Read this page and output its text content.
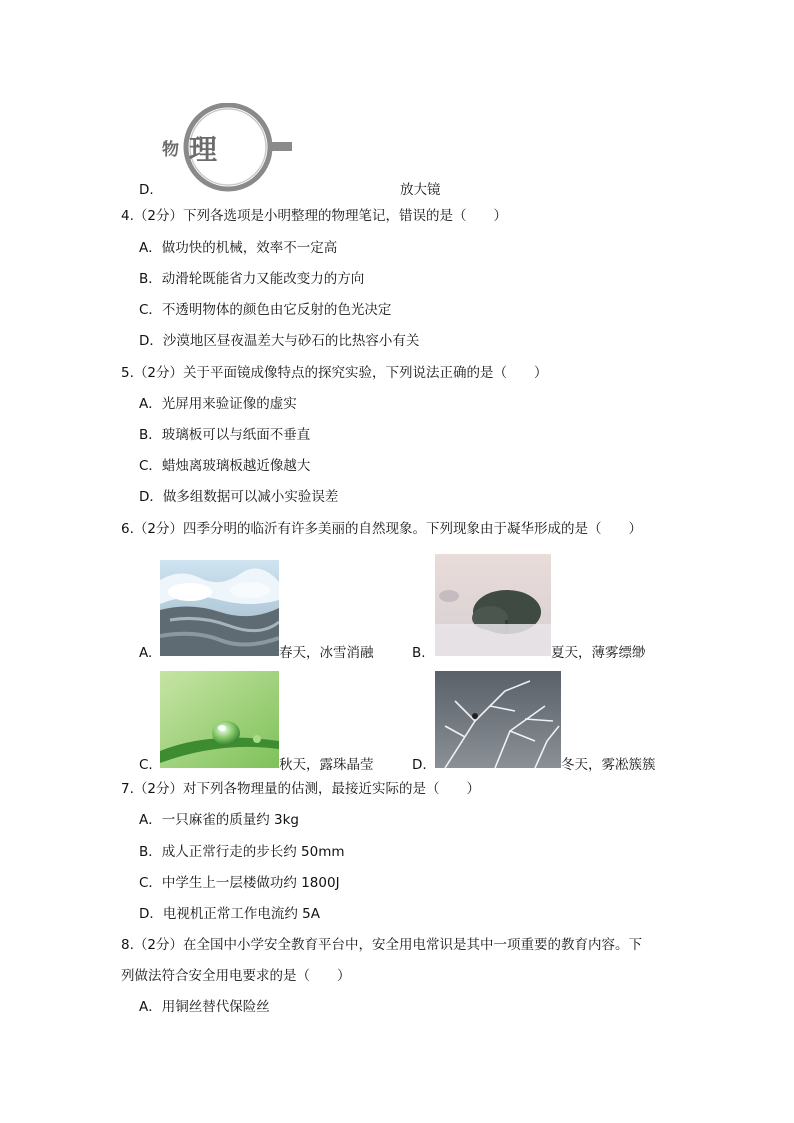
物 理
D.	放大镜
4.（2分）下列各选项是小明整理的物理笔记，错误的是（　　）
A．做功快的机械，效率不一定高
B．动滑轮既能省力又能改变力的方向
C．不透明物体的颜色由它反射的色光决定
D．沙漠地区昼夜温差大与砂石的比热容小有关
5.（2分）关于平面镜成像特点的探究实验，下列说法正确的是（　　）
A．光屏用来验证像的虚实
B．玻璃板可以与纸面不垂直
C．蜡烛离玻璃板越近像越大
D．做多组数据可以减小实验误差
6.（2分）四季分明的临沂有许多美丽的自然现象。下列现象由于凝华形成的是（　　）
A.	春天，冰雪消融	B.	夏天，薄雾缥缈
C.	秋天，露珠晶莹	D.	冬天，雾凇簇簇
7.（2分）对下列各物理量的估测，最接近实际的是（　　）
A．一只麻雀的质量约 3kg
B．成人正常行走的步长约 50mm
C．中学生上一层楼做功约 1800J
D．电视机正常工作电流约 5A
8.（2分）在全国中小学安全教育平台中，安全用电常识是其中一项重要的教育内容。下
列做法符合安全用电要求的是（　　）
A．用铜丝替代保险丝
